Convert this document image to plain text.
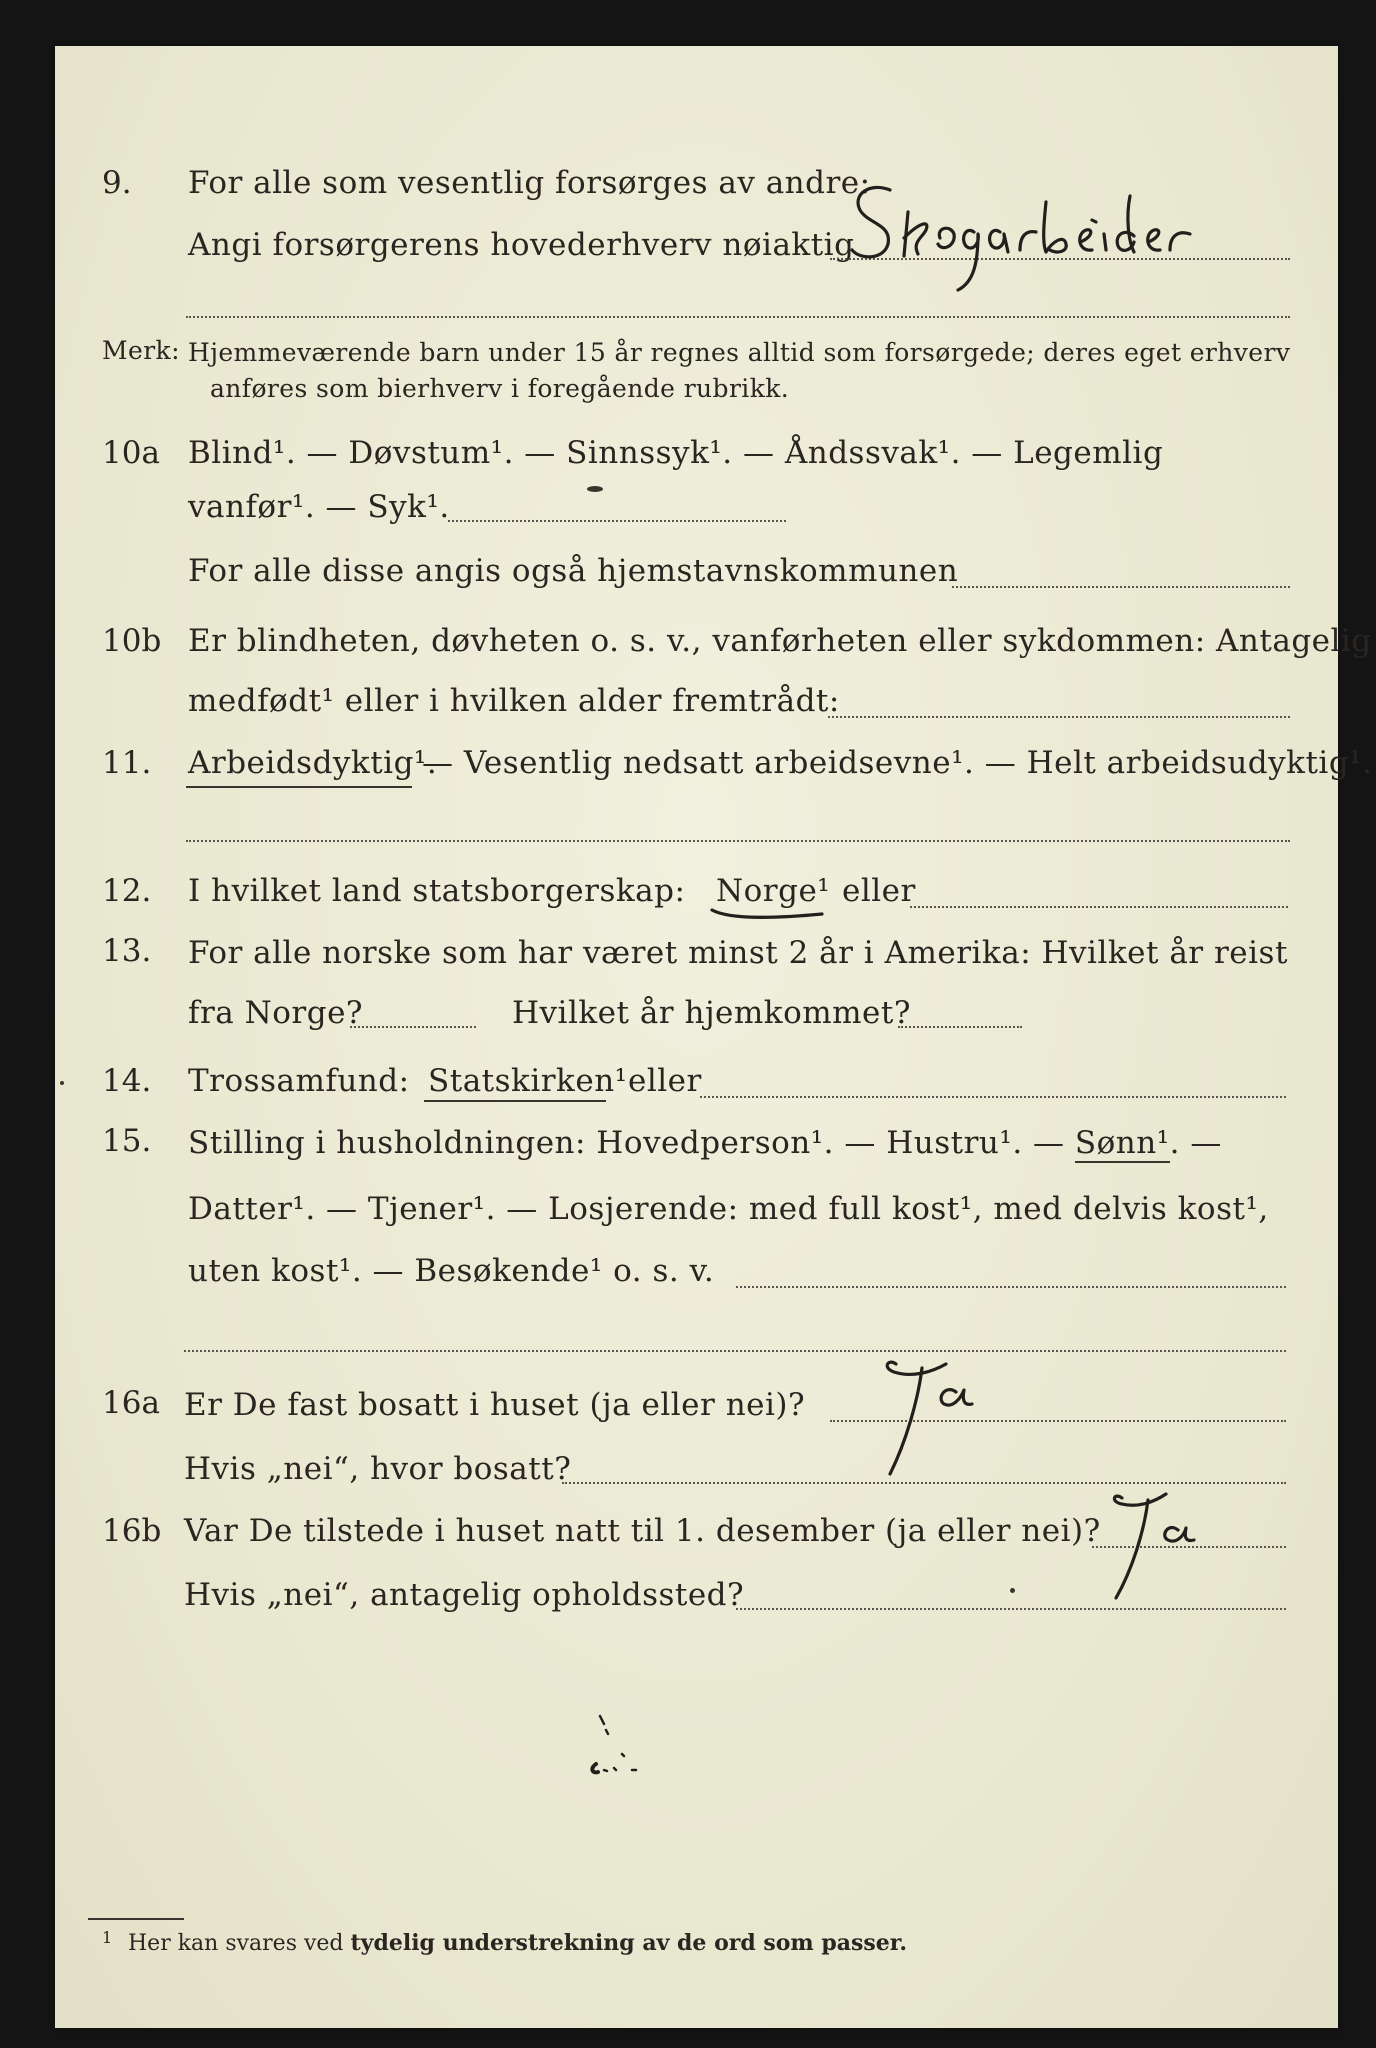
9. For alle som vesentlig forsørges av andre:
Angi forsørgerens hovederhverv nøiaktig
Merk: Hjemmeværende barn under 15 år regnes alltid som forsørgede; deres eget erhverv
anføres som bierhverv i foregående rubrikk.
10a Blind¹. — Døvstum¹. — Sinnssyk¹. — Åndssvak¹. — Legemlig
vanfør¹. — Syk¹.
For alle disse angis også hjemstavnskommunen
10b Er blindheten, døvheten o. s. v., vanførheten eller sykdommen: Antagelig
medfødt¹ eller i hvilken alder fremtrådt:
11. Arbeidsdyktig¹.
— Vesentlig nedsatt arbeidsevne¹. — Helt arbeidsudyktig¹.
12. I hvilket land statsborgerskap: Norge¹ eller
13. For alle norske som har været minst 2 år i Amerika: Hvilket år reist
fra Norge?	Hvilket år hjemkommet?
14. Trossamfund: Statskirken¹ eller
15. Stilling i husholdningen: Hovedperson¹. — Hustru¹. — Sønn¹. —
Datter¹. — Tjener¹. — Losjerende: med full kost¹, med delvis kost¹,
uten kost¹. — Besøkende¹ o. s. v.
16a Er De fast bosatt i huset (ja eller nei)?
Hvis „nei“, hvor bosatt?
16b Var De tilstede i huset natt til 1. desember (ja eller nei)?
Hvis „nei“, antagelig opholdssted?
1 Her kan svares ved tydelig understrekning av de ord som passer.
